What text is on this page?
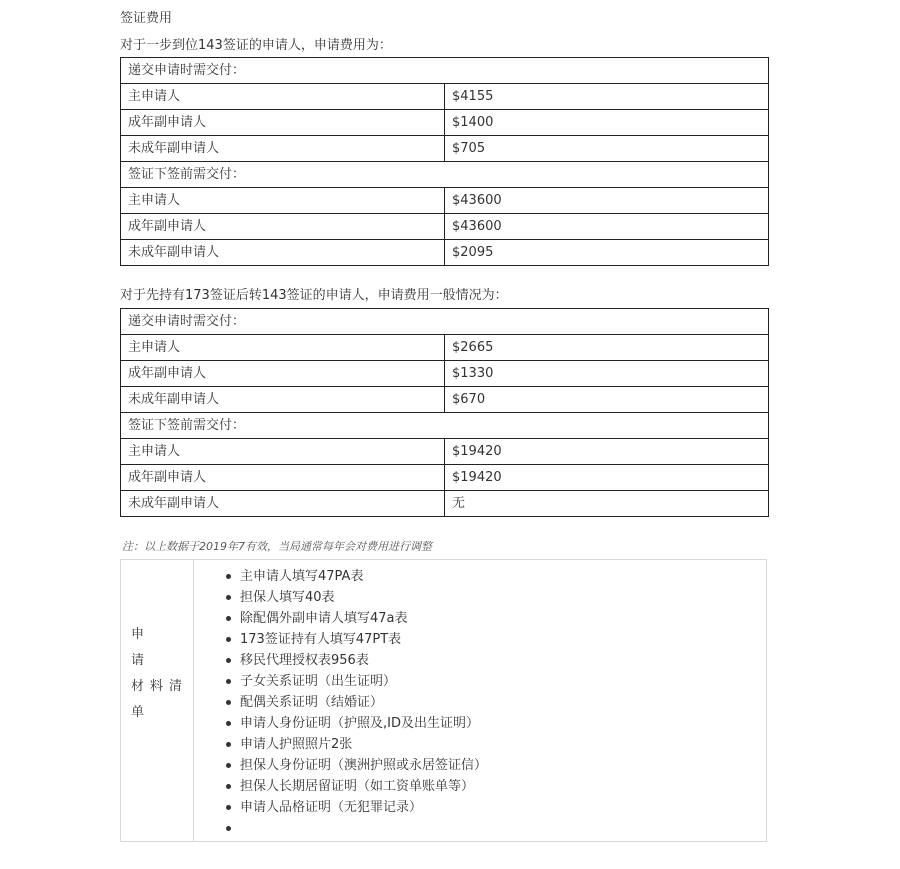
签证费用
对于一步到位143签证的申请人，申请费用为：
递交申请时需交付：	
主申请人	$4155
成年副申请人	$1400
未成年副申请人	$705
签证下签前需交付：	
主申请人	$43600
成年副申请人	$43600
未成年副申请人	$2095
对于先持有173签证后转143签证的申请人，申请费用一般情况为：
递交申请时需交付：	
主申请人	$2665
成年副申请人	$1330
未成年副申请人	$670
签证下签前需交付：	
主申请人	$19420
成年副申请人	$19420
未成年副申请人	无
注：以上数据于2019年7有效，当局通常每年会对费用进行调整
申
请
材料清
单
主申请人填写47PA表
担保人填写40表
除配偶外副申请人填写47a表
173签证持有人填写47PT表
移民代理授权表956表
子女关系证明（出生证明）
配偶关系证明（结婚证）
申请人身份证明（护照及,ID及出生证明）
申请人护照照片2张
担保人身份证明（澳洲护照或永居签证信）
担保人长期居留证明（如工资单账单等）
申请人品格证明（无犯罪记录）
